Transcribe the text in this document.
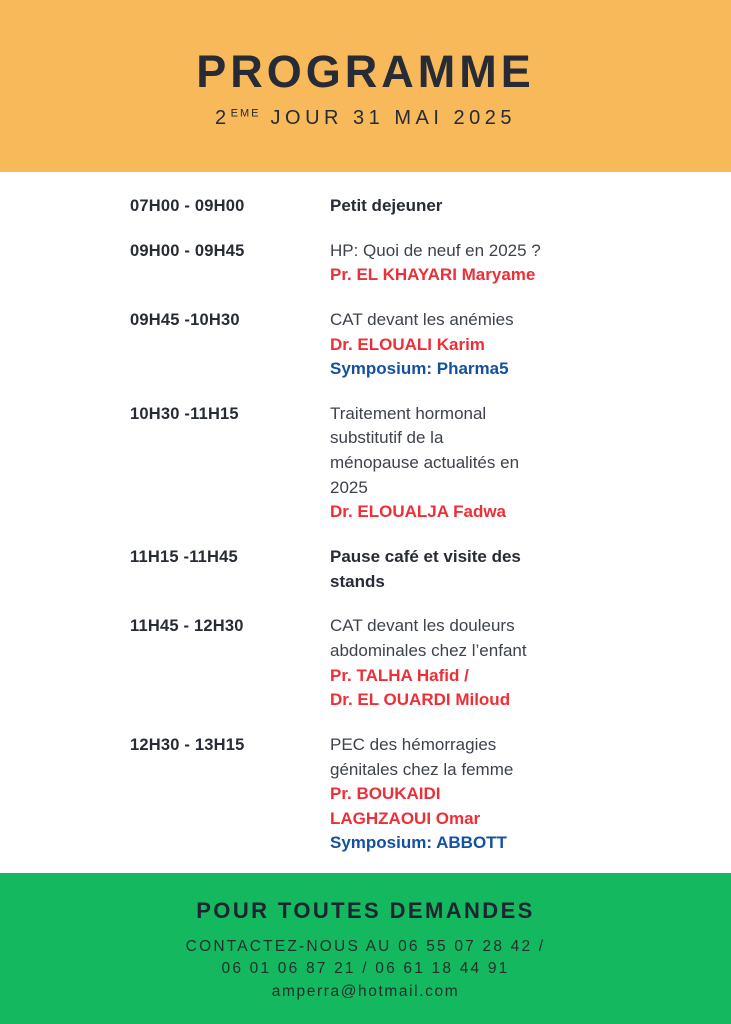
PROGRAMME
2EME JOUR 31 MAI 2025
07H00 - 09H00	Petit dejeuner
09H00 - 09H45	HP: Quoi de neuf en 2025 ?
Pr. EL KHAYARI Maryame
09H45 -10H30	CAT devant les anémies
Dr. ELOUALI Karim
Symposium: Pharma5
10H30 -11H15	Traitement hormonal
substitutif de la
ménopause actualités en
2025
Dr. ELOUALJA Fadwa
11H15 -11H45	Pause café et visite des
stands
11H45 - 12H30	CAT devant les douleurs
abdominales chez l’enfant
Pr. TALHA Hafid /
Dr. EL OUARDI Miloud
12H30 - 13H15	PEC des hémorragies
génitales chez la femme
Pr. BOUKAIDI
LAGHZAOUI Omar
Symposium: ABBOTT
POUR TOUTES DEMANDES
CONTACTEZ-NOUS AU 06 55 07 28 42 /
06 01 06 87 21 / 06 61 18 44 91
amperra@hotmail.com
